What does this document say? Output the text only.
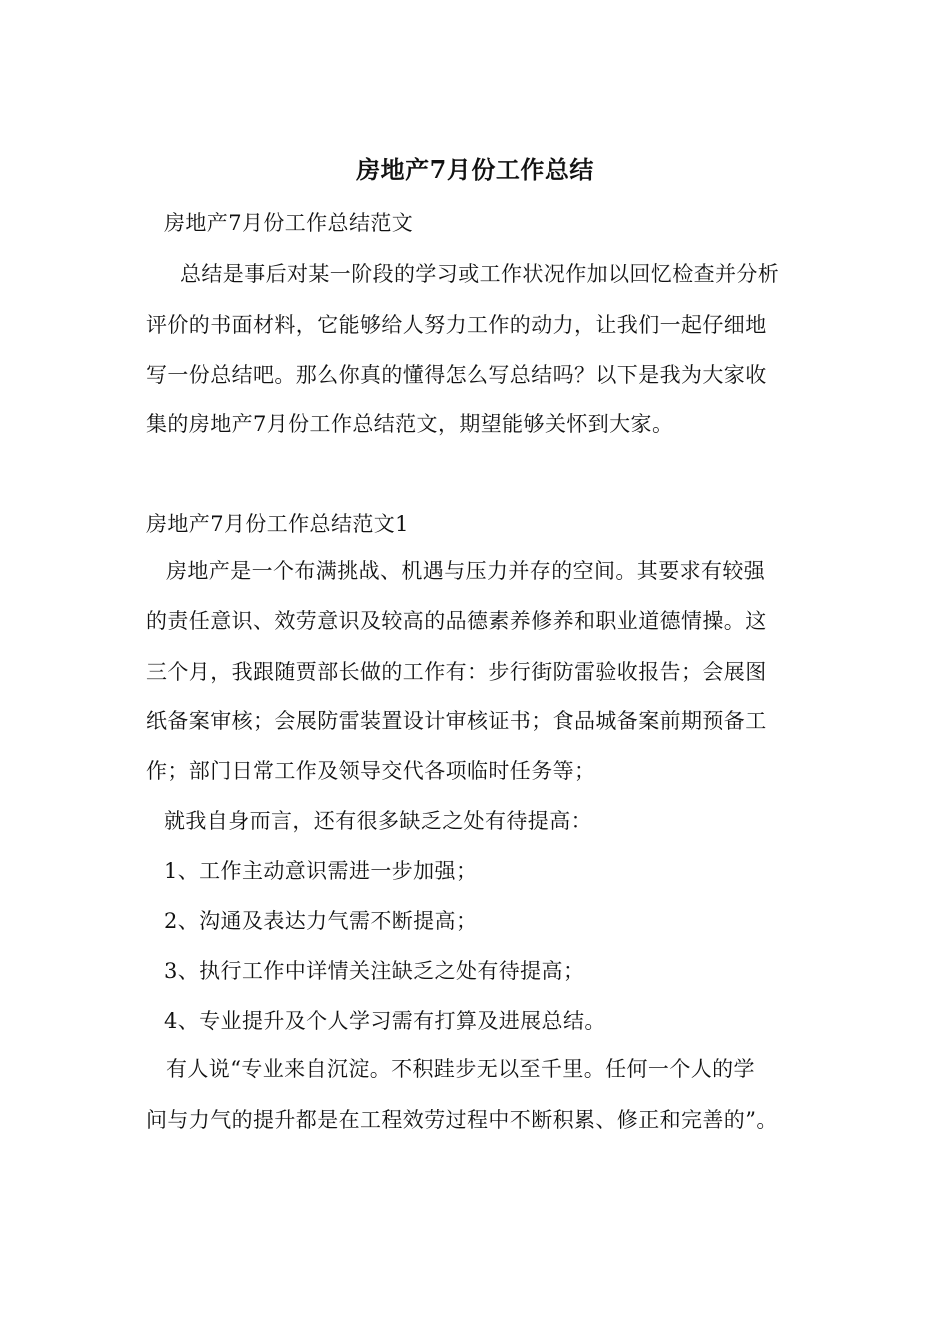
房地产7月份工作总结
房地产7月份工作总结范文
总结是事后对某一阶段的学习或工作状况作加以回忆检查并分析
评价的书面材料，它能够给人努力工作的动力，让我们一起仔细地
写一份总结吧。那么你真的懂得怎么写总结吗？以下是我为大家收
集的房地产7月份工作总结范文，期望能够关怀到大家。
房地产7月份工作总结范文1
房地产是一个布满挑战、机遇与压力并存的空间。其要求有较强
的责任意识、效劳意识及较高的品德素养修养和职业道德情操。这
三个月，我跟随贾部长做的工作有：步行街防雷验收报告；会展图
纸备案审核；会展防雷装置设计审核证书；食品城备案前期预备工
作；部门日常工作及领导交代各项临时任务等；
就我自身而言，还有很多缺乏之处有待提高：
1、工作主动意识需进一步加强；
2、沟通及表达力气需不断提高；
3、执行工作中详情关注缺乏之处有待提高；
4、专业提升及个人学习需有打算及进展总结。
有人说“专业来自沉淀。不积跬步无以至千里。任何一个人的学
问与力气的提升都是在工程效劳过程中不断积累、修正和完善的”。
